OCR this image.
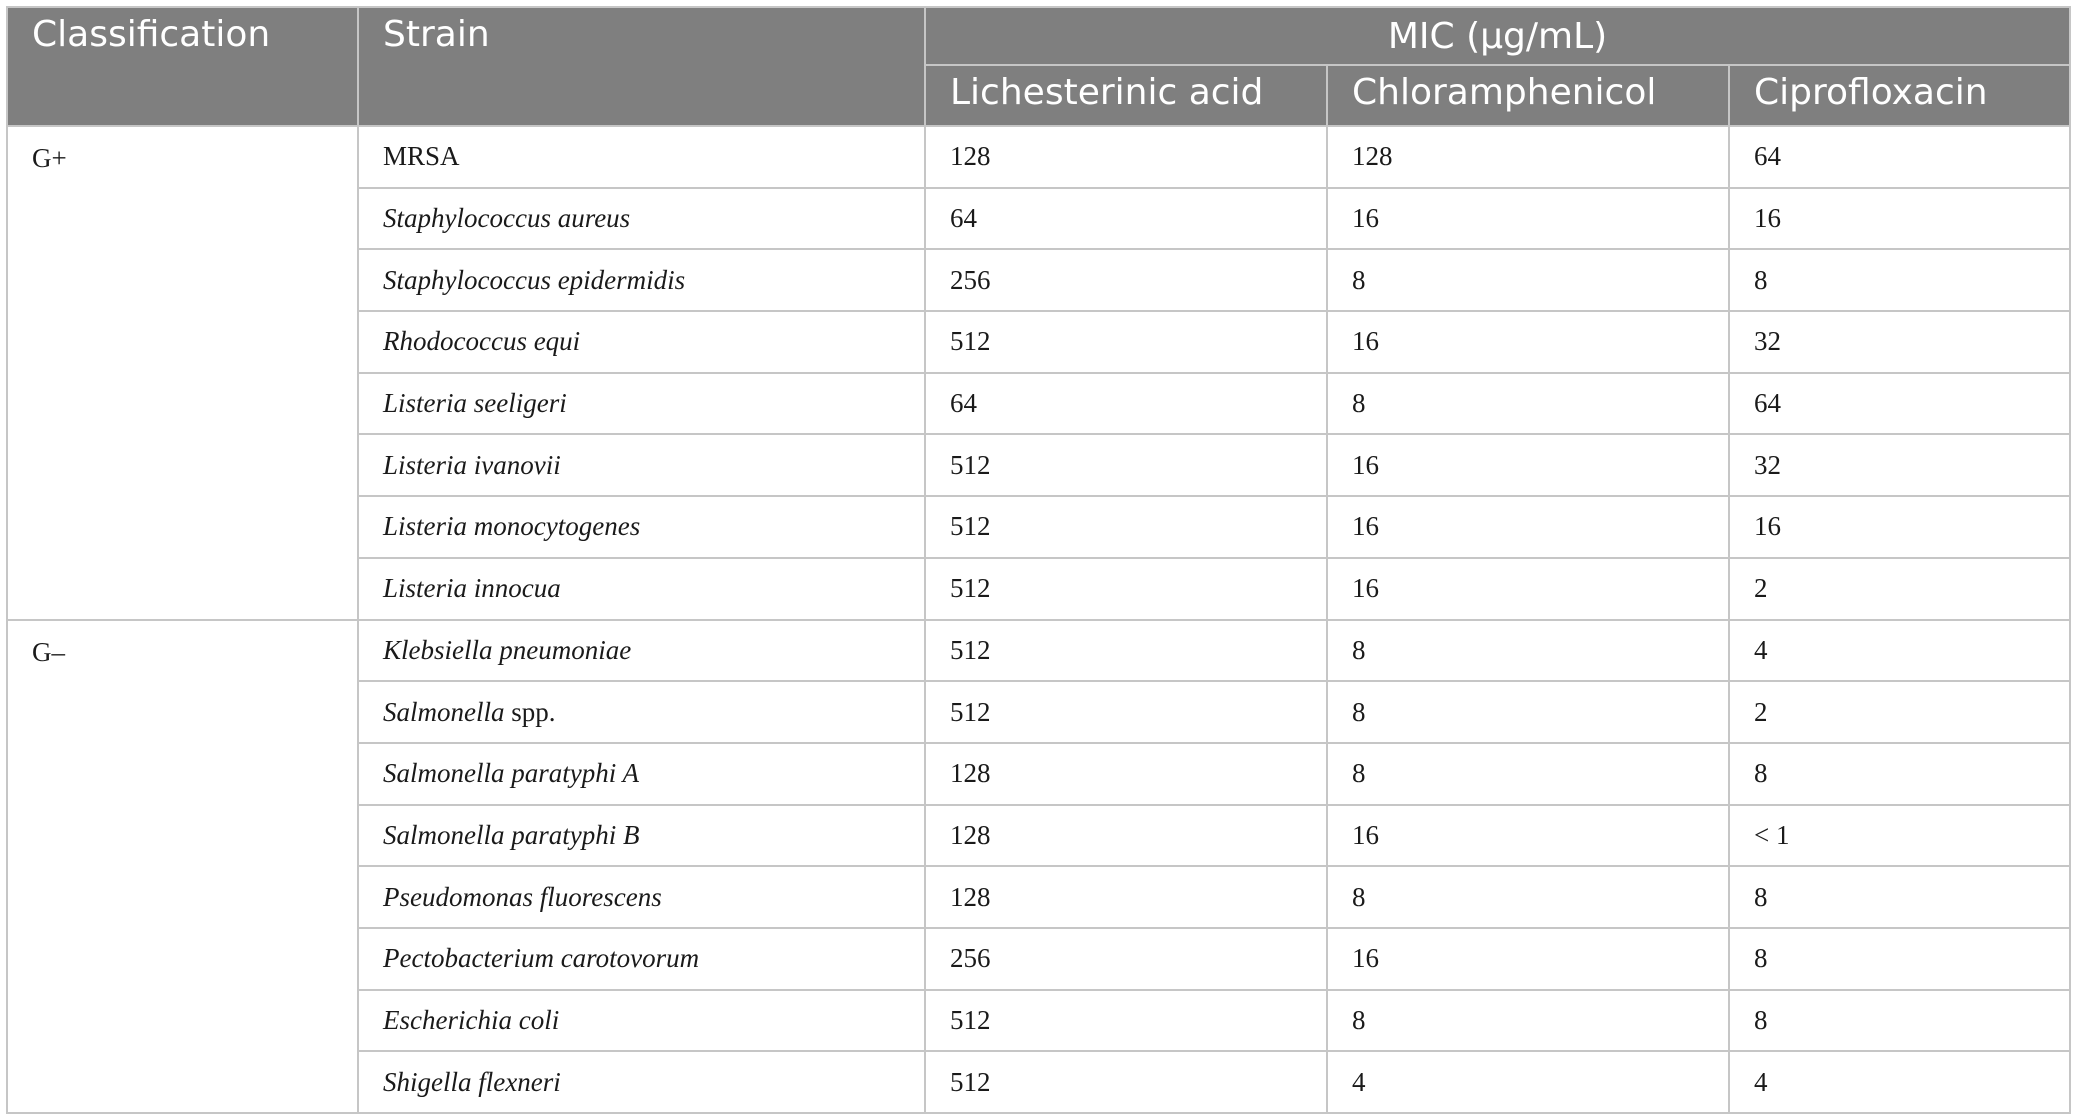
Classification	Strain	MIC (μg/mL)		
		Lichesterinic acid	Chloramphenicol	Ciprofloxacin
G+	MRSA	128	128	64
	Staphylococcus aureus	64	16	16
	Staphylococcus epidermidis	256	8	8
	Rhodococcus equi	512	16	32
	Listeria seeligeri	64	8	64
	Listeria ivanovii	512	16	32
	Listeria monocytogenes	512	16	16
	Listeria innocua	512	16	2
G–	Klebsiella pneumoniae	512	8	4
	Salmonella spp.	512	8	2
	Salmonella paratyphi A	128	8	8
	Salmonella paratyphi B	128	16	< 1
	Pseudomonas fluorescens	128	8	8
	Pectobacterium carotovorum	256	16	8
	Escherichia coli	512	8	8
	Shigella flexneri	512	4	4
